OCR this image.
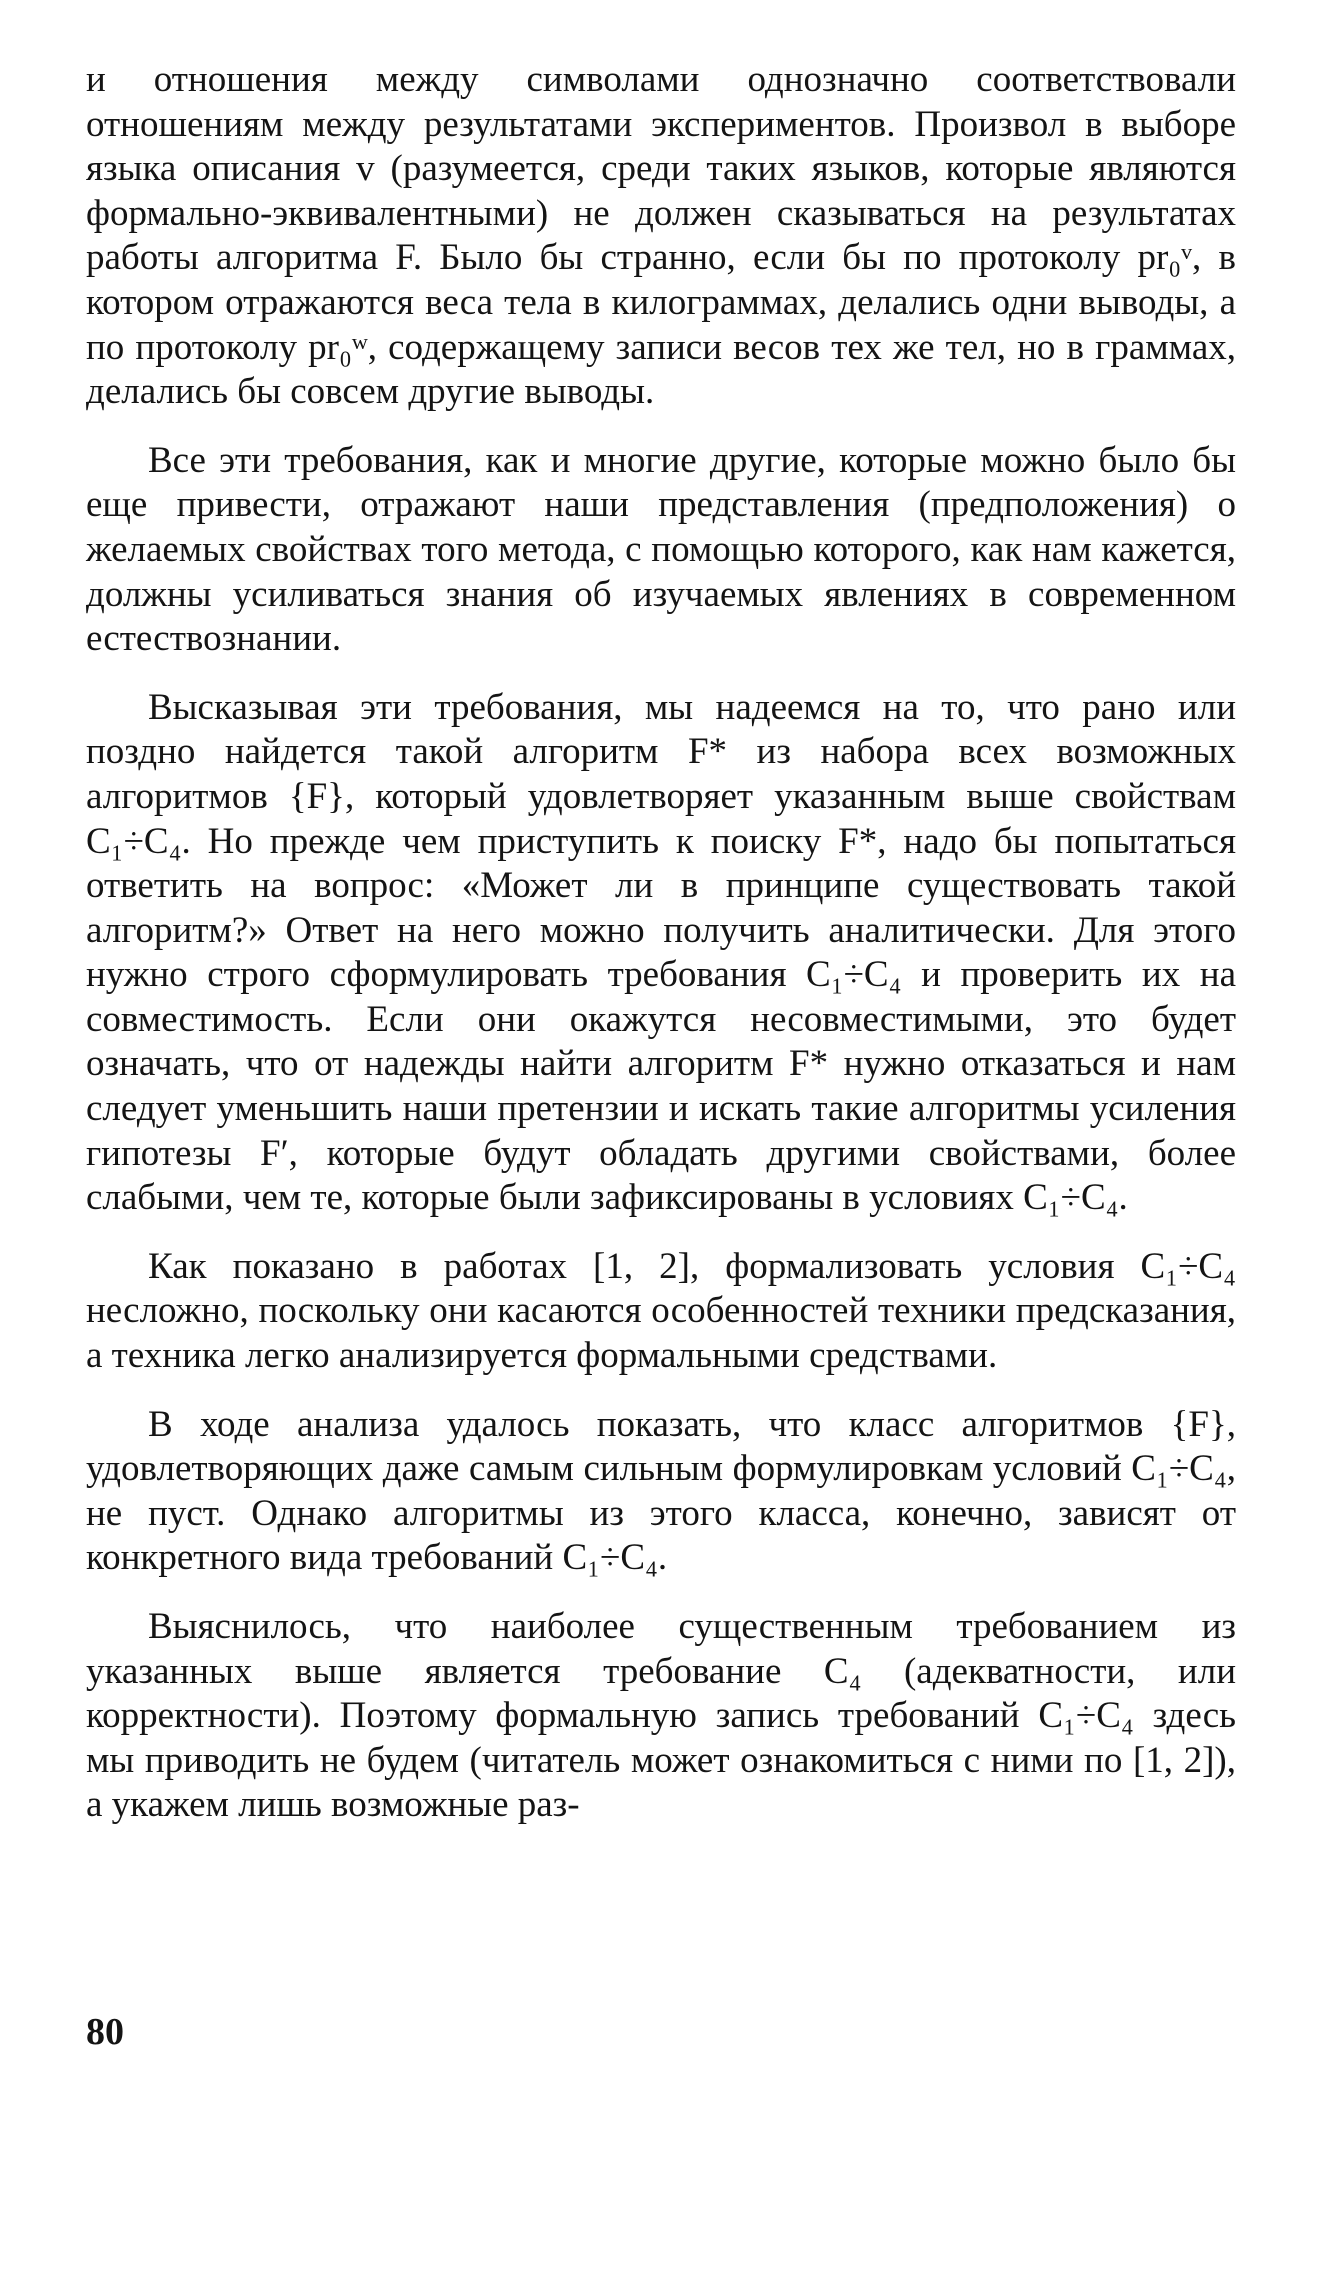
и отношения между символами однозначно соответствовали отношениям между результатами экспериментов. Произвол в выборе языка описания v (разумеется, среди таких языков, которые являются формально-эквивалентными) не должен сказываться на результатах работы алгоритма F. Было бы странно, если бы по протоколу pr₀ᵛ, в котором отражаются веса тела в килограммах, делались одни выводы, а по протоколу pr₀ʷ, содержащему записи весов тех же тел, но в граммах, делались бы совсем другие выводы.

Все эти требования, как и многие другие, которые можно было бы еще привести, отражают наши представления (предположения) о желаемых свойствах того метода, с помощью которого, как нам кажется, должны усиливаться знания об изучаемых явлениях в современном естествознании.

Высказывая эти требования, мы надеемся на то, что рано или поздно найдется такой алгоритм F* из набора всех возможных алгоритмов {F}, который удовлетворяет указанным выше свойствам C₁÷C₄. Но прежде чем приступить к поиску F*, надо бы попытаться ответить на вопрос: «Может ли в принципе существовать такой алгоритм?» Ответ на него можно получить аналитически. Для этого нужно строго сформулировать требования C₁÷C₄ и проверить их на совместимость. Если они окажутся несовместимыми, это будет означать, что от надежды найти алгоритм F* нужно отказаться и нам следует уменьшить наши претензии и искать такие алгоритмы усиления гипотезы F′, которые будут обладать другими свойствами, более слабыми, чем те, которые были зафиксированы в условиях C₁÷C₄.

Как показано в работах [1, 2], формализовать условия C₁÷C₄ несложно, поскольку они касаются особенностей техники предсказания, а техника легко анализируется формальными средствами.

В ходе анализа удалось показать, что класс алгоритмов {F}, удовлетворяющих даже самым сильным формулировкам условий C₁÷C₄, не пуст. Однако алгоритмы из этого класса, конечно, зависят от конкретного вида требований C₁÷C₄.

Выяснилось, что наиболее существенным требованием из указанных выше является требование C₄ (адекватности, или корректности). Поэтому формальную запись требований C₁÷C₄ здесь мы приводить не будем (читатель может ознакомиться с ними по [1, 2]), а укажем лишь возможные раз-

80
